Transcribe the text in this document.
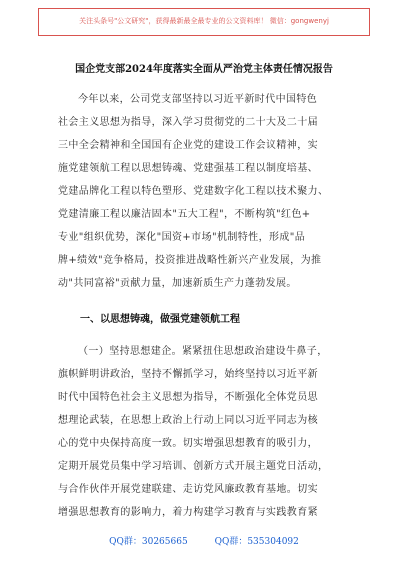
关注头条号"公文研究"，获得最新最全最专业的公文资料库！ 微信：gongwenyj
国企党支部2024年度落实全面从严治党主体责任情况报告
今年以来，公司党支部坚持以习近平新时代中国特色
社会主义思想为指导，深入学习贯彻党的二十大及二十届
三中全会精神和全国国有企业党的建设工作会议精神，实
施党建领航工程以思想铸魂、党建强基工程以制度培基、
党建品牌化工程以特色塑形、党建数字化工程以技术聚力、
党建清廉工程以廉洁固本"五大工程"，不断构筑"红色+
专业"组织优势，深化"国资+市场"机制特性，形成"品
牌+绩效"竞争格局，投资推进战略性新兴产业发展，为推
动"共同富裕"贡献力量，加速新质生产力蓬勃发展。
一、以思想铸魂，做强党建领航工程
（一）坚持思想建企。紧紧扭住思想政治建设牛鼻子，
旗帜鲜明讲政治，坚持不懈抓学习，始终坚持以习近平新
时代中国特色社会主义思想为指导，不断强化全体党员思
想理论武装，在思想上政治上行动上同以习近平同志为核
心的党中央保持高度一致。切实增强思想教育的吸引力，
定期开展党员集中学习培训、创新方式开展主题党日活动，
与合作伙伴开展党建联建、走访党风廉政教育基地。切实
增强思想教育的影响力，着力构建学习教育与实践教育紧
QQ群：30265665	QQ群：535304092
